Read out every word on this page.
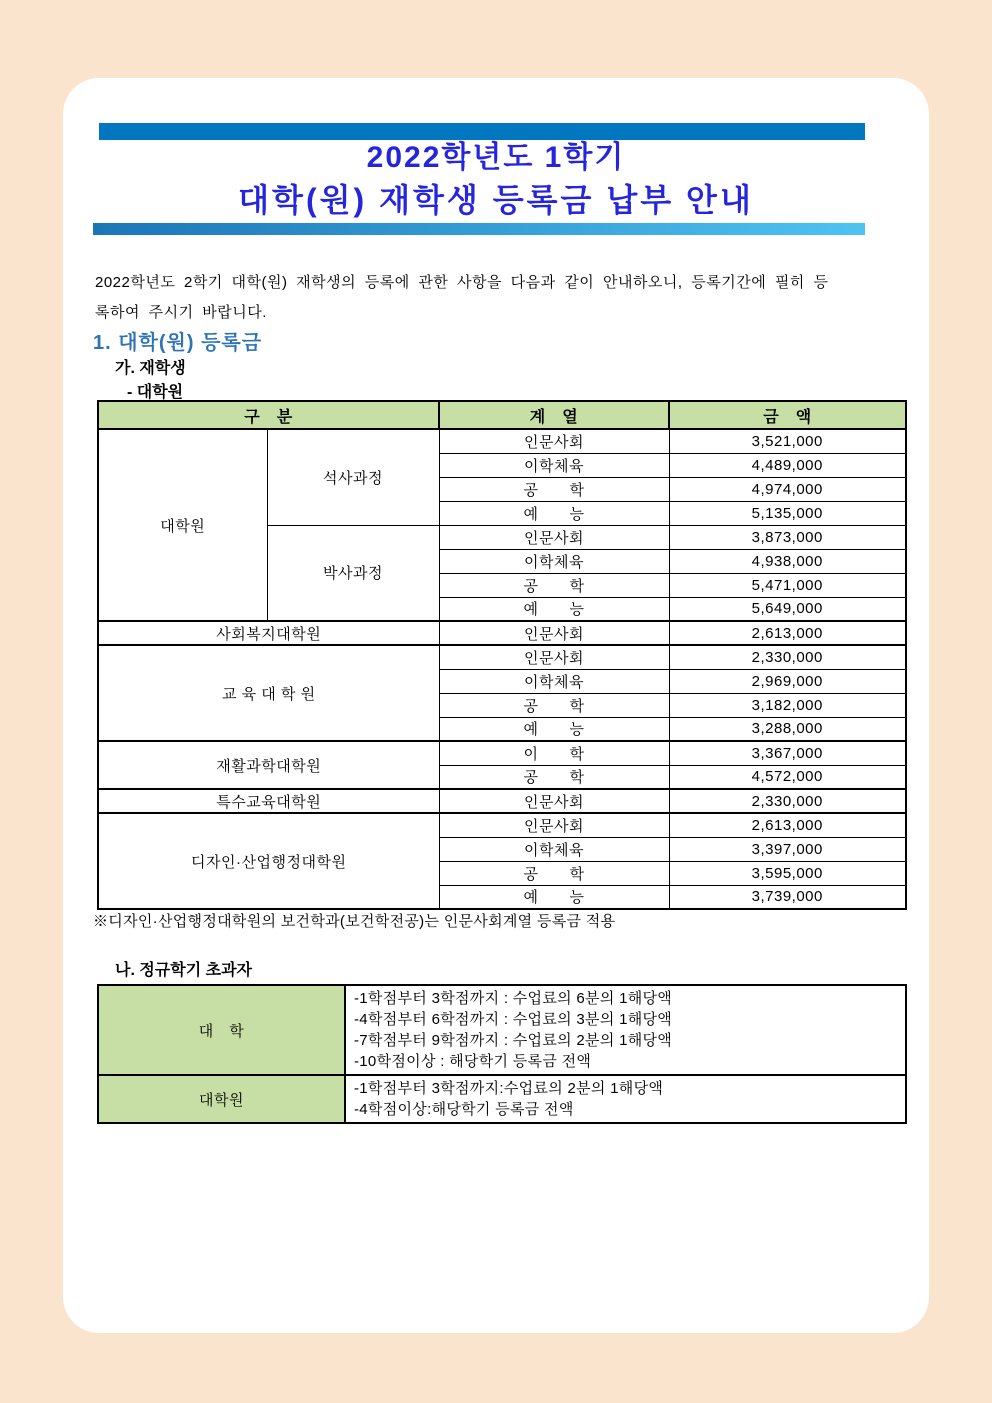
2022학년도 1학기
대학(원) 재학생 등록금 납부 안내
2022학년도 2학기 대학(원) 재학생의 등록에 관한 사항을 다음과 같이 안내하오니, 등록기간에 필히 등
록하여 주시기 바랍니다.
1. 대학(원) 등록금
가. 재학생
- 대학원
구　분		계　열	금　액
대학원	석사과정	인문사회	3,521,000
		이학체육	4,489,000
		공　　학	4,974,000
		예　　능	5,135,000
	박사과정	인문사회	3,873,000
		이학체육	4,938,000
		공　　학	5,471,000
		예　　능	5,649,000
사회복지대학원		인문사회	2,613,000
교 육 대 학 원		인문사회	2,330,000
		이학체육	2,969,000
		공　　학	3,182,000
		예　　능	3,288,000
재활과학대학원		이　　학	3,367,000
		공　　학	4,572,000
특수교육대학원		인문사회	2,330,000
디자인·산업행정대학원		인문사회	2,613,000
		이학체육	3,397,000
		공　　학	3,595,000
		예　　능	3,739,000
※디자인·산업행정대학원의 보건학과(보건학전공)는 인문사회계열 등록금 적용
나. 정규학기 초과자
대　학	-1학점부터 3학점까지 : 수업료의 6분의 1해당액
-4학점부터 6학점까지 : 수업료의 3분의 1해당액
-7학점부터 9학점까지 : 수업료의 2분의 1해당액
-10학점이상 : 해당학기 등록금 전액

대학원	-1학점부터 3학점까지:수업료의 2분의 1해당액
-4학점이상:해당학기 등록금 전액
